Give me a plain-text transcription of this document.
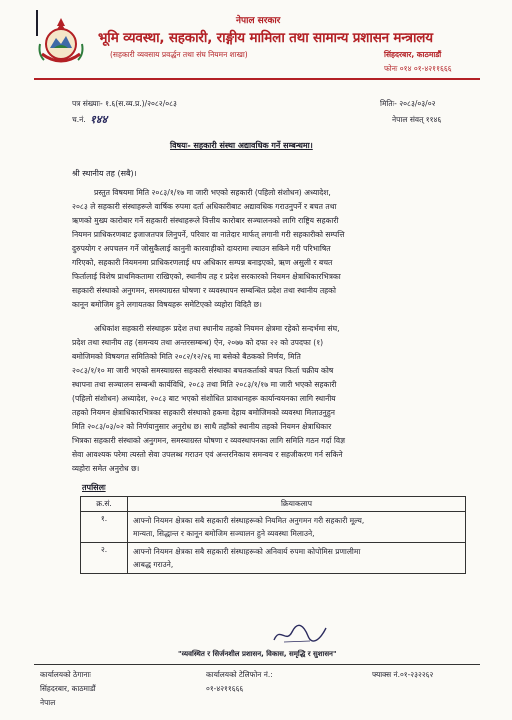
नेपाल सरकार
भूमि व्यवस्था, सहकारी, राङ्गीय मामिला तथा सामान्य प्रशासन मन्त्रालय
(सहकारी व्यवसाय प्रवर्द्धन तथा संघ नियमन शाखा)	सिंहदरबार, काठमाडौं
फोनः ०१४ ०१-४२११६६६
पत्र संख्याः- १.६(स.व्य.प्र.)/२०८२/०८३
च.नं. १४४
मितिः- २०८३/०३/०२
नेपाल संवत् ११४६
विषयः- सहकारी संस्था अद्यावधिक गर्ने सम्बन्धमा।
श्री स्थानीय तह (सबै)।
प्रस्तुत विषयमा मिति २०८३/१/१७ मा जारी भएको सहकारी (पहिलो संशोधन) अध्यादेश,
२०८३ ले सहकारी संस्थाहरूले वार्षिक रुपमा दर्ता अधिकारीबाट अद्यावधिक गराउनुपर्ने र बचत तथा
ऋणको मुख्य कारोबार गर्ने सहकारी संस्थाहरूले वित्तीय कारोबार सञ्चालनको लागि राष्ट्रिय सहकारी
नियमन प्राधिकरणबाट इजाजतपत्र लिनुपर्ने, परिवार वा नातेदार मार्फत् लगानी गरी सहकारीको सम्पत्ति
दुरुपयोग र अपचलन गर्ने जोसुकैलाई कानुनी कारवाहीको दायरामा ल्याउन सकिने गरी परिभाषित
गरिएको, सहकारी नियमनमा प्राधिकरणलाई थप अधिकार सम्पन्न बनाइएको, ऋण असुली र बचत
फिर्तालाई विशेष प्राथमिकतामा राखिएको, स्थानीय तह र प्रदेश सरकारको नियमन क्षेत्राधिकारभित्रका
सहकारी संस्थाको अनुगमन, समस्याग्रस्त घोषणा र व्यवस्थापन सम्बन्धित प्रदेश तथा स्थानीय तहको
कानून बमोजिम हुने लगायतका विषयहरू समेटिएको व्यहोरा विदितै छ।
अधिकांश सहकारी संस्थाहरू प्रदेश तथा स्थानीय तहको नियमन क्षेत्रमा रहेको सन्दर्भमा संघ,
प्रदेश तथा स्थानीय तह (समन्वय तथा अन्तरसम्बन्ध) ऐन, २०७७ को दफा २२ को उपदफा (१)
बमोजिमको विषयगत समितिको मिति २०८२/१२/२६ मा बसेको बैठकको निर्णय, मिति
२०८३/१/१० मा जारी भएको समस्याग्रस्त सहकारी संस्थाका बचतकर्ताको बचत फिर्ता चक्रीय कोष
स्थापना तथा सञ्चालन सम्बन्धी कार्यविधि, २०८३ तथा मिति २०८३/१/१७ मा जारी भएको सहकारी
(पहिलो संशोधन) अध्यादेश, २०८३ बाट भएको संशोधित प्रावधानहरू कार्यान्वयनका लागि स्थानीय
तहको नियमन क्षेत्राधिकारभित्रका सहकारी संस्थाको हकमा देहाय बमोजिमको व्यवस्था मिलाउनुहुन
मिति २०८३/०३/०२ को निर्णयानुसार अनुरोध छ। साथै तहाँको स्थानीय तहको नियमन क्षेत्राधिकार
भित्रका सहकारी संस्थाको अनुगमन, समस्याग्रस्त घोषणा र व्यवस्थापनका लागि समिति गठन गर्दा विज्ञ
सेवा आवश्यक परेमा त्यस्तो सेवा उपलब्ध गराउन एवं अन्तरनिकाय समन्वय र सहजीकरण गर्न सकिने
व्यहोरा समेत अनुरोध छ।
तपसिलः
क्र.सं.	क्रियाकलाप
१.	आफ्नो नियमन क्षेत्रका सबै सहकारी संस्थाहरूको नियमित अनुगमन गरी सहकारी मूल्य,
मान्यता, सिद्धान्त र कानून बमोजिम सञ्चालन हुने व्यवस्था मिलाउने,

२.	आफ्नो नियमन क्षेत्रका सबै सहकारी संस्थाहरूको अनिवार्य रुपमा कोपोमिस प्रणालीमा
आबद्ध गराउने,
"व्यवस्थित र सिर्जनशील प्रशासन, विकास, समृद्धि र सुशासन"
कार्यालयको ठेगानाः
सिंहदरबार, काठमाडौं
नेपाल
कार्यालयको टेलिफोन नं.:
०१-४२११६६६
फ्याक्स नं.०१-२३२२६२
